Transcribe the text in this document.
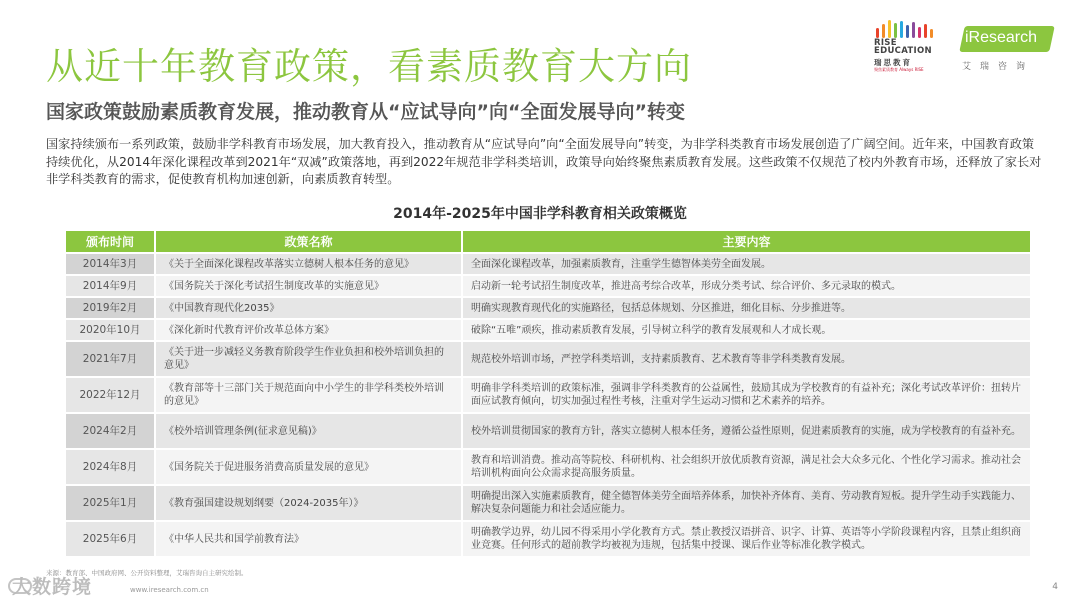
从近十年教育政策，看素质教育大方向
国家政策鼓励素质教育发展，推动教育从“应试导向”向“全面发展导向”转变
RISE
EDUCATION
瑞思教育
聚焦素质教育 Always RISE
iResearch
艾瑞咨询

国家持续颁布一系列政策，鼓励非学科教育市场发展，加大教育投入，推动教育从“应试导向”向“全面发展导向”转变，为非学科类教育市场发展创造了广阔空间。近年来，中国教育政策持续优化，从2014年深化课程改革到2021年“双减”政策落地，再到2022年规范非学科类培训，政策导向始终聚焦素质教育发展。这些政策不仅规范了校内外教育市场，还释放了家长对非学科类教育的需求，促使教育机构加速创新，向素质教育转型。

2014年-2025年中国非学科教育相关政策概览
颁布时间	政策名称	主要内容
2014年3月	《关于全面深化课程改革落实立德树人根本任务的意见》	全面深化课程改革，加强素质教育，注重学生德智体美劳全面发展。
2014年9月	《国务院关于深化考试招生制度改革的实施意见》	启动新一轮考试招生制度改革，推进高考综合改革，形成分类考试、综合评价、多元录取的模式。
2019年2月	《中国教育现代化2035》	明确实现教育现代化的实施路径，包括总体规划、分区推进，细化目标、分步推进等。
2020年10月	《深化新时代教育评价改革总体方案》	破除“五唯”顽疾，推动素质教育发展，引导树立科学的教育发展观和人才成长观。
2021年7月	《关于进一步减轻义务教育阶段学生作业负担和校外培训负担的意见》	规范校外培训市场，严控学科类培训，支持素质教育、艺术教育等非学科类教育发展。
2022年12月	《教育部等十三部门关于规范面向中小学生的非学科类校外培训的意见》	明确非学科类培训的政策标准，强调非学科类教育的公益属性，鼓励其成为学校教育的有益补充；深化考试改革评价：扭转片面应试教育倾向，切实加强过程性考核，注重对学生运动习惯和艺术素养的培养。
2024年2月	《校外培训管理条例(征求意见稿)》	校外培训贯彻国家的教育方针，落实立德树人根本任务，遵循公益性原则，促进素质教育的实施，成为学校教育的有益补充。
2024年8月	《国务院关于促进服务消费高质量发展的意见》	教育和培训消费。推动高等院校、科研机构、社会组织开放优质教育资源，满足社会大众多元化、个性化学习需求。推动社会培训机构面向公众需求提高服务质量。
2025年1月	《教育强国建设规划纲要（2024-2035年）》	明确提出深入实施素质教育，健全德智体美劳全面培养体系，加快补齐体育、美育、劳动教育短板。提升学生动手实践能力、解决复杂问题能力和社会适应能力。
2025年6月	《中华人民共和国学前教育法》	明确教学边界，幼儿园不得采用小学化教育方式。禁止教授汉语拼音、识字、计算、英语等小学阶段课程内容，且禁止组织商业竞赛。任何形式的超前教学均被视为违规，包括集中授课、课后作业等标准化教学模式。
来源：教育部、中国政府网、公开资料整理，艾瑞咨询自主研究绘制。
大数跨境	www.iresearch.com.cn	4
